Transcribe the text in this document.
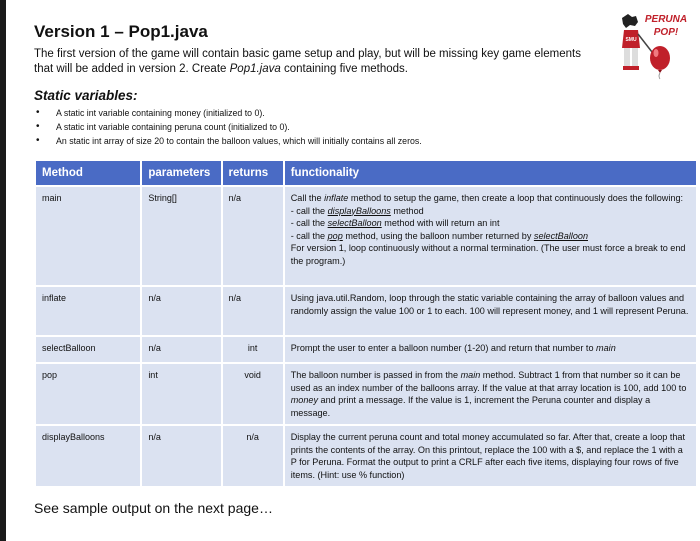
Version 1 – Pop1.java
The first version of the game will contain basic game setup and play, but will be missing key game elements that will be added in version 2. Create Pop1.java containing five methods.
Static variables:
• A static int variable containing money (initialized to 0).
• A static int variable containing peruna count (initialized to 0).
• An static int array of size 20 to contain the balloon values, which will initially contains all zeros.
Method	parameters	returns	functionality
main	String[]	n/a	Call the inflate method to setup the game, then create a loop that continuously does the following:
- call the displayBalloons method
- call the selectBalloon method with will return an int
- call the pop method, using the balloon number returned by selectBalloon
For version 1, loop continuously without a normal termination. (The user must force a break to end the program.)

inflate	n/a	n/a	Using java.util.Random, loop through the static variable containing the array of balloon values and randomly assign the value 100 or 1 to each. 100 will represent money, and 1 will represent Peruna.
selectBalloon	n/a	int	Prompt the user to enter a balloon number (1-20) and return that number to main
pop	int	void	The balloon number is passed in from the main method. Subtract 1 from that number so it can be used as an index number of the balloons array. If the value at that array location is 100, add 100 to money and print a message. If the value is 1, increment the Peruna counter and display a message.
displayBalloons	n/a	n/a	Display the current peruna count and total money accumulated so far. After that, create a loop that prints the contents of the array. On this printout, replace the 100 with a $, and replace the 1 with a P for Peruna. Format the output to print a CRLF after each five items, displaying four rows of five items. (Hint: use % function)
See sample output on the next page…
PERUNA
POP!
SMU
